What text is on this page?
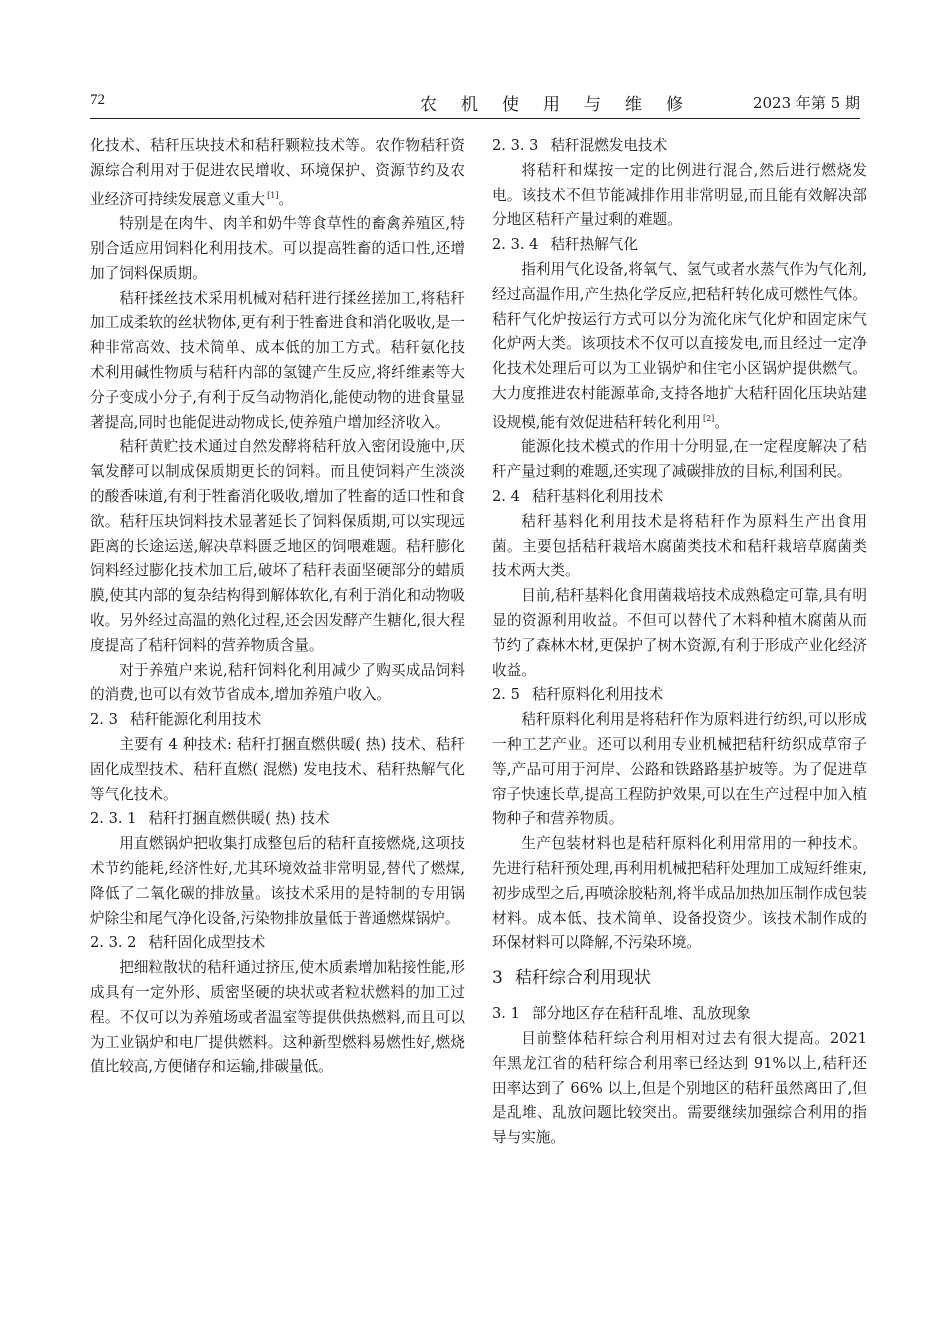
72	农机使用与维修	2023 年第 5 期

化技术、秸秆压块技术和秸秆颗粒技术等。农作物秸秆资源综合利用对于促进农民增收、环境保护、资源节约及农业经济可持续发展意义重大 [1]。

特别是在肉牛、肉羊和奶牛等食草性的畜禽养殖区,特别合适应用饲料化利用技术。可以提高牲畜的适口性,还增加了饲料保质期。

秸秆揉丝技术采用机械对秸秆进行揉丝搓加工,将秸秆加工成柔软的丝状物体,更有利于牲畜进食和消化吸收,是一种非常高效、技术简单、成本低的加工方式。秸秆氨化技术利用碱性物质与秸秆内部的氢键产生反应,将纤维素等大分子变成小分子,有利于反刍动物消化,能使动物的进食量显著提高,同时也能促进动物成长,使养殖户增加经济收入。

秸秆黄贮技术通过自然发酵将秸秆放入密闭设施中,厌氧发酵可以制成保质期更长的饲料。而且使饲料产生淡淡的酸香味道,有利于牲畜消化吸收,增加了牲畜的适口性和食欲。秸秆压块饲料技术显著延长了饲料保质期,可以实现远距离的长途运送,解决草料匮乏地区的饲喂难题。秸秆膨化饲料经过膨化技术加工后,破坏了秸秆表面坚硬部分的蜡质膜,使其内部的复杂结构得到解体软化,有利于消化和动物吸收。另外经过高温的熟化过程,还会因发酵产生糖化,很大程度提高了秸秆饲料的营养物质含量。

对于养殖户来说,秸秆饲料化利用减少了购买成品饲料的消费,也可以有效节省成本,增加养殖户收入。

2. 3 秸秆能源化利用技术

主要有 4 种技术: 秸秆打捆直燃供暖( 热) 技术、秸秆固化成型技术、秸秆直燃( 混燃) 发电技术、秸秆热解气化等气化技术。

2. 3. 1 秸秆打捆直燃供暖( 热) 技术

用直燃锅炉把收集打成整包后的秸秆直接燃烧,这项技术节约能耗,经济性好,尤其环境效益非常明显,替代了燃煤,降低了二氧化碳的排放量。该技术采用的是特制的专用锅炉除尘和尾气净化设备,污染物排放量低于普通燃煤锅炉。

2. 3. 2 秸秆固化成型技术

把细粒散状的秸秆通过挤压,使木质素增加粘接性能,形成具有一定外形、质密坚硬的块状或者粒状燃料的加工过程。不仅可以为养殖场或者温室等提供供热燃料,而且可以为工业锅炉和电厂提供燃料。这种新型燃料易燃性好,燃烧值比较高,方便储存和运输,排碳量低。

2. 3. 3 秸秆混燃发电技术

将秸秆和煤按一定的比例进行混合,然后进行燃烧发电。该技术不但节能减排作用非常明显,而且能有效解决部分地区秸秆产量过剩的难题。

2. 3. 4 秸秆热解气化

指利用气化设备,将氧气、氢气或者水蒸气作为气化剂,经过高温作用,产生热化学反应,把秸秆转化成可燃性气体。秸秆气化炉按运行方式可以分为流化床气化炉和固定床气化炉两大类。该项技术不仅可以直接发电,而且经过一定净化技术处理后可以为工业锅炉和住宅小区锅炉提供燃气。大力度推进农村能源革命,支持各地扩大秸秆固化压块站建设规模,能有效促进秸秆转化利用 [2]。

能源化技术模式的作用十分明显,在一定程度解决了秸秆产量过剩的难题,还实现了减碳排放的目标,利国利民。

2. 4 秸秆基料化利用技术

秸秆基料化利用技术是将秸秆作为原料生产出食用菌。主要包括秸秆栽培木腐菌类技术和秸秆栽培草腐菌类技术两大类。

目前,秸秆基料化食用菌栽培技术成熟稳定可靠,具有明显的资源利用收益。不但可以替代了木料种植木腐菌从而节约了森林木材,更保护了树木资源,有利于形成产业化经济收益。

2. 5 秸秆原料化利用技术

秸秆原料化利用是将秸秆作为原料进行纺织,可以形成一种工艺产业。还可以利用专业机械把秸秆纺织成草帘子等,产品可用于河岸、公路和铁路路基护坡等。为了促进草帘子快速长草,提高工程防护效果,可以在生产过程中加入植物种子和营养物质。

生产包装材料也是秸秆原料化利用常用的一种技术。先进行秸秆预处理,再利用机械把秸秆处理加工成短纤维束,初步成型之后,再喷涂胶粘剂,将半成品加热加压制作成包装材料。成本低、技术简单、设备投资少。该技术制作成的环保材料可以降解,不污染环境。

3 秸秆综合利用现状

3. 1 部分地区存在秸秆乱堆、乱放现象

目前整体秸秆综合利用相对过去有很大提高。2021 年黑龙江省的秸秆综合利用率已经达到 91%以上,秸秆还田率达到了 66% 以上,但是个别地区的秸秆虽然离田了,但是乱堆、乱放问题比较突出。需要继续加强综合利用的指导与实施。
